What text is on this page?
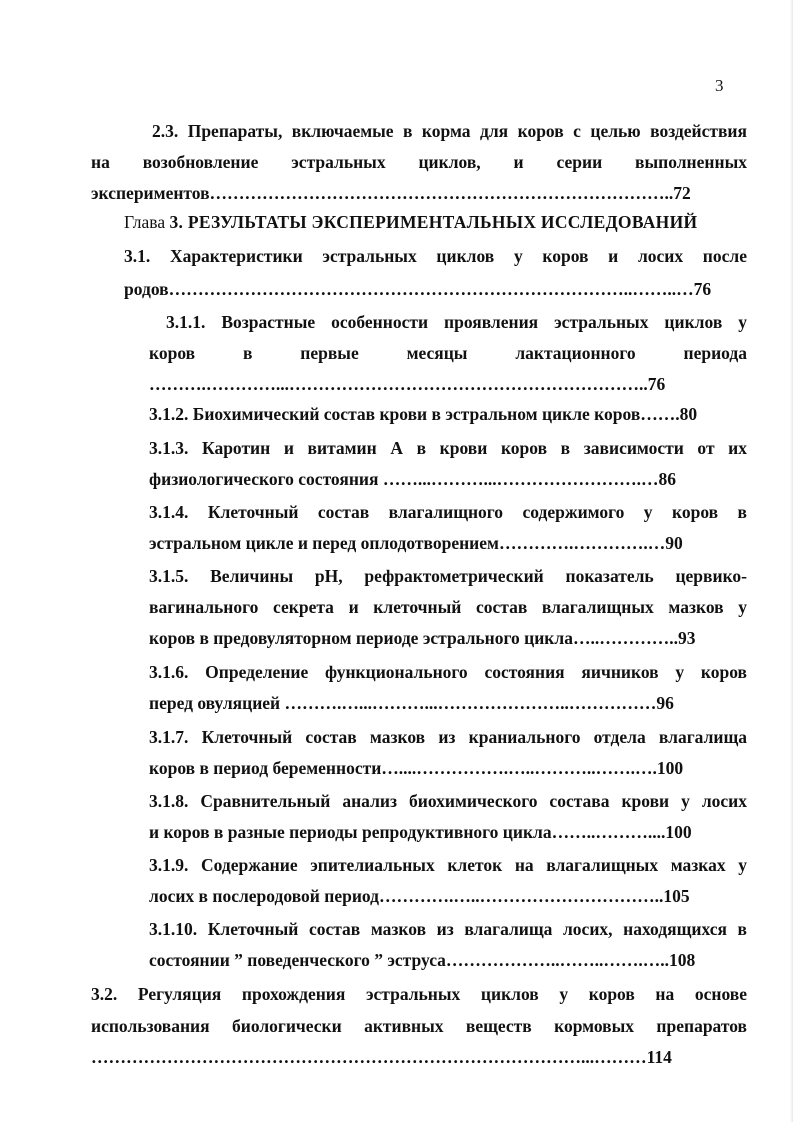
3
2.3. Препараты, включаемые в корма для коров с целью воздействия
на возобновление эстральных циклов, и серии выполненных
экспериментов……………………………………………………………………..72
Глава 3. РЕЗУЛЬТАТЫ ЭКСПЕРИМЕНТАЛЬНЫХ ИССЛЕДОВАНИЙ
3.1. Характеристики эстральных циклов у коров и лосих после
родов……………………………………………………………………..……..…76
3.1.1. Возрастные особенности проявления эстральных циклов у
коров в первые месяцы лактационного периода
……….…………...……………………………………………………..76
3.1.2. Биохимический состав крови в эстральном цикле коров…….80
3.1.3. Каротин и витамин А в крови коров в зависимости от их
физиологического состояния ……...………...…………………….…86
3.1.4. Клеточный состав влагалищного содержимого у коров в
эстральном цикле и перед оплодотворением………….………….…90
3.1.5. Величины рН, рефрактометрический показатель цервико-
вагинального секрета и клеточный состав влагалищных мазков у
коров в предовуляторном периоде эстрального цикла…..…………..93
3.1.6. Определение функционального состояния яичников у коров
перед овуляцией ……….…...………...…………………..……………96
3.1.7. Клеточный состав мазков из краниального отдела влагалища
коров в период беременности…....…………….…..………..…….….100
3.1.8. Сравнительный анализ биохимического состава крови у лосих
и коров в разные периоды репродуктивного цикла……..………....100
3.1.9. Содержание эпителиальных клеток на влагалищных мазках у
лосих в послеродовой период………….…..…………………………..105
3.1.10. Клеточный состав мазков из влагалища лосих, находящихся в
состоянии ” поведенческого ” эструса………………..……..…….…..108
3.2. Регуляция прохождения эстральных циклов у коров на основе
использования биологически активных веществ кормовых препаратов
…………………………………………………………………………...………114
